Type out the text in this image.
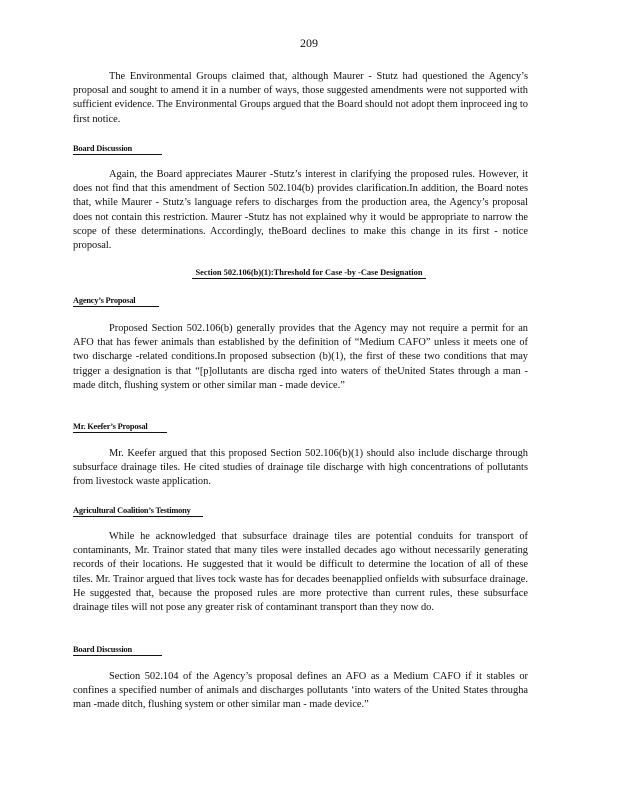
209

The Environmental Groups claimed that, although Maurer - Stutz had questioned the Agency’s proposal and sought to amend it in a number of ways, those suggested amendments were not supported with sufficient evidence. The Environmental Groups argued that the Board should not adopt them inproceed ing to first notice.

Board Discussion

Again, the Board appreciates Maurer -Stutz’s interest in clarifying the proposed rules. However, it does not find that this amendment of Section 502.104(b) provides clarification.In addition, the Board notes that, while Maurer - Stutz’s language refers to discharges from the production area, the Agency’s proposal does not contain this restriction. Maurer -Stutz has not explained why it would be appropriate to narrow the scope of these determinations. Accordingly, theBoard declines to make this change in its first - notice proposal.

Section 502.106(b)(1):Threshold for Case -by -Case Designation
Agency’s Proposal

Proposed Section 502.106(b) generally provides that the Agency may not require a permit for an AFO that has fewer animals than established by the definition of “Medium CAFO” unless it meets one of two discharge -related conditions.In proposed subsection (b)(1), the first of these two conditions that may trigger a designation is that “[p]ollutants are discha rged into waters of theUnited States through a man - made ditch, flushing system or other similar man - made device.”

Mr. Keefer’s Proposal

Mr. Keefer argued that this proposed Section 502.106(b)(1) should also include discharge through subsurface drainage tiles. He cited studies of drainage tile discharge with high concentrations of pollutants from livestock waste application.

Agricultural Coalition’s Testimony

While he acknowledged that subsurface drainage tiles are potential conduits for transport of contaminants, Mr. Trainor stated that many tiles were installed decades ago without necessarily generating records of their locations. He suggested that it would be difficult to determine the location of all of these tiles. Mr. Trainor argued that lives tock waste has for decades beenapplied onfields with subsurface drainage. He suggested that, because the proposed rules are more protective than current rules, these subsurface drainage tiles will not pose any greater risk of contaminant transport than they now do.

Board Discussion

Section 502.104 of the Agency’s proposal defines an AFO as a Medium CAFO if it stables or confines a specified number of animals and discharges pollutants ‘into waters of the United States througha man -made ditch, flushing system or other similar man - made device.”
